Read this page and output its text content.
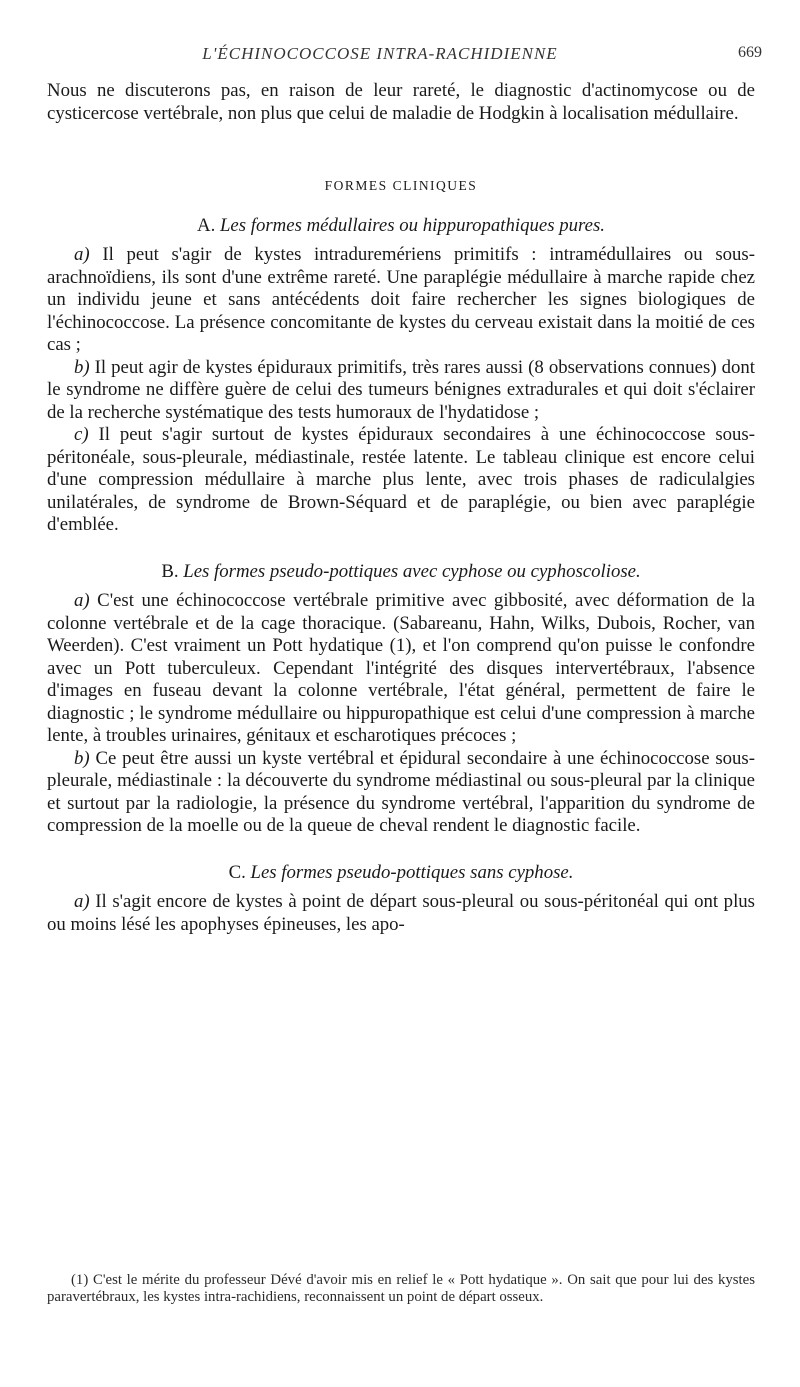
L'ÉCHINOCOCCOSE INTRA-RACHIDIENNE	669

Nous ne discuterons pas, en raison de leur rareté, le diagnostic d'actinomycose ou de cysticercose vertébrale, non plus que celui de maladie de Hodgkin à localisation médullaire.

FORMES CLINIQUES
A. Les formes médullaires ou hippuropathiques pures.

a) Il peut s'agir de kystes intraduremériens primitifs : intramédullaires ou sous-arachnoïdiens, ils sont d'une extrême rareté. Une paraplégie médullaire à marche rapide chez un individu jeune et sans antécédents doit faire rechercher les signes biologiques de l'échinococcose. La présence concomitante de kystes du cerveau existait dans la moitié de ces cas ;

b) Il peut agir de kystes épiduraux primitifs, très rares aussi (8 observations connues) dont le syndrome ne diffère guère de celui des tumeurs bénignes extradurales et qui doit s'éclairer de la recherche systématique des tests humoraux de l'hydatidose ;

c) Il peut s'agir surtout de kystes épiduraux secondaires à une échinococcose sous-péritonéale, sous-pleurale, médiastinale, restée latente. Le tableau clinique est encore celui d'une compression médullaire à marche plus lente, avec trois phases de radiculalgies unilatérales, de syndrome de Brown-Séquard et de paraplégie, ou bien avec paraplégie d'emblée.

B. Les formes pseudo-pottiques avec cyphose ou cyphoscoliose.

a) C'est une échinococcose vertébrale primitive avec gibbosité, avec déformation de la colonne vertébrale et de la cage thoracique. (Sabareanu, Hahn, Wilks, Dubois, Rocher, van Weerden). C'est vraiment un Pott hydatique (1), et l'on comprend qu'on puisse le confondre avec un Pott tuberculeux. Cependant l'intégrité des disques intervertébraux, l'absence d'images en fuseau devant la colonne vertébrale, l'état général, permettent de faire le diagnostic ; le syndrome médullaire ou hippuropathique est celui d'une compression à marche lente, à troubles urinaires, génitaux et escharotiques précoces ;

b) Ce peut être aussi un kyste vertébral et épidural secondaire à une échinococcose sous-pleurale, médiastinale : la découverte du syndrome médiastinal ou sous-pleural par la clinique et surtout par la radiologie, la présence du syndrome vertébral, l'apparition du syndrome de compression de la moelle ou de la queue de cheval rendent le diagnostic facile.

C. Les formes pseudo-pottiques sans cyphose.

a) Il s'agit encore de kystes à point de départ sous-pleural ou sous-péritonéal qui ont plus ou moins lésé les apophyses épineuses, les apo-

(1) C'est le mérite du professeur Dévé d'avoir mis en relief le « Pott hydatique ». On sait que pour lui des kystes paravertébraux, les kystes intra-rachidiens, reconnaissent un point de départ osseux.
